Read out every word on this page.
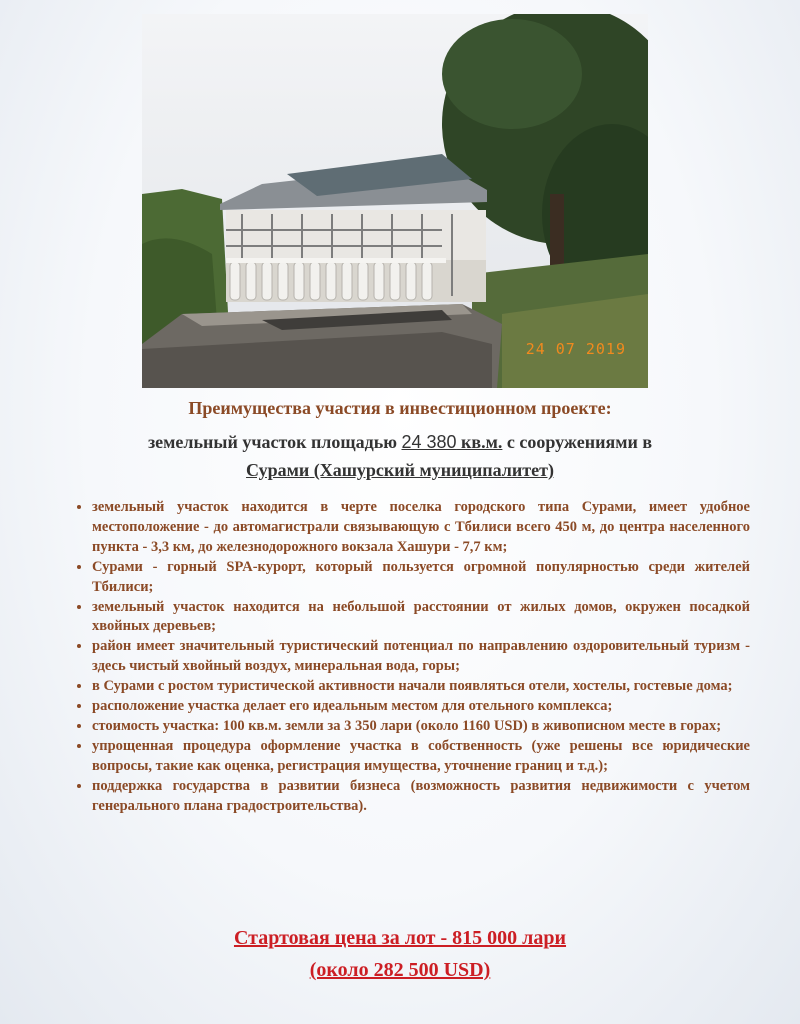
24 07 2019
Преимущества участия в инвестиционном проекте:
земельный участок площадью 24 380 кв.м. с сооружениями в
Сурами (Хашурский муниципалитет)
• земельный участок находится в черте поселка городского типа Сурами, имеет удобное местоположение - до автомагистрали связывающую с Тбилиси всего 450 м, до центра населенного пункта - 3,3 км, до железнодорожного вокзала Хашури - 7,7 км;
• Сурами - горный SPA-курорт, который пользуется огромной популярностью среди жителей Тбилиси;
• земельный участок находится на небольшой расстоянии от жилых домов, окружен посадкой хвойных деревьев;
• район имеет значительный туристический потенциал по направлению оздоровительный туризм - здесь чистый хвойный воздух, минеральная вода, горы;
• в Сурами с ростом туристической активности начали появляться отели, хостелы, гостевые дома;
• расположение участка делает его идеальным местом для отельного комплекса;
• стоимость участка: 100 кв.м. земли за 3 350 лари (около 1160 USD) в живописном месте в горах;
• упрощенная процедура оформление участка в собственность (уже решены все юридические вопросы, такие как оценка, регистрация имущества, уточнение границ и т.д.);
• поддержка государства в развитии бизнеса (возможность развития недвижимости с учетом генерального плана градостроительства).
Стартовая цена за лот - 815 000 лари
(около 282 500 USD)
